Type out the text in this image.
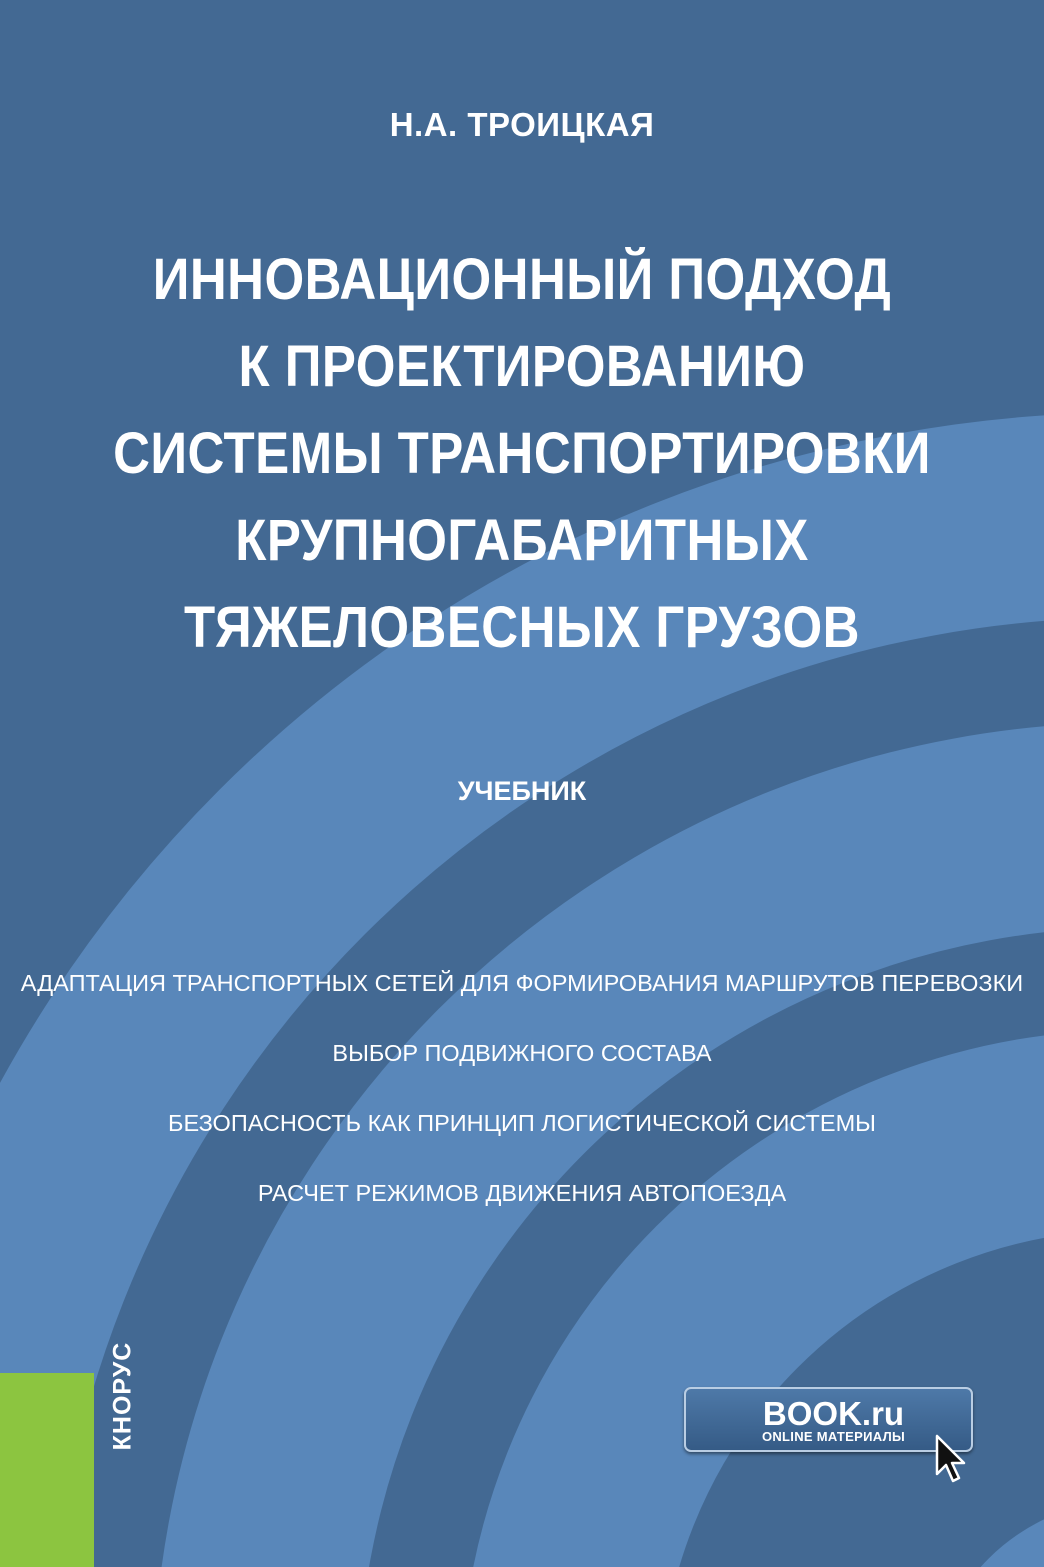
Н.А. ТРОИЦКАЯ
ИННОВАЦИОННЫЙ ПОДХОД
К ПРОЕКТИРОВАНИЮ
СИСТЕМЫ ТРАНСПОРТИРОВКИ
КРУПНОГАБАРИТНЫХ
ТЯЖЕЛОВЕСНЫХ ГРУЗОВ
УЧЕБНИК
АДАПТАЦИЯ ТРАНСПОРТНЫХ СЕТЕЙ ДЛЯ ФОРМИРОВАНИЯ МАРШРУТОВ ПЕРЕВОЗКИ
ВЫБОР ПОДВИЖНОГО СОСТАВА
БЕЗОПАСНОСТЬ КАК ПРИНЦИП ЛОГИСТИЧЕСКОЙ СИСТЕМЫ
РАСЧЕТ РЕЖИМОВ ДВИЖЕНИЯ АВТОПОЕЗДА
КНОРУС	BOOK.ru
ONLINE МАТЕРИАЛЫ
